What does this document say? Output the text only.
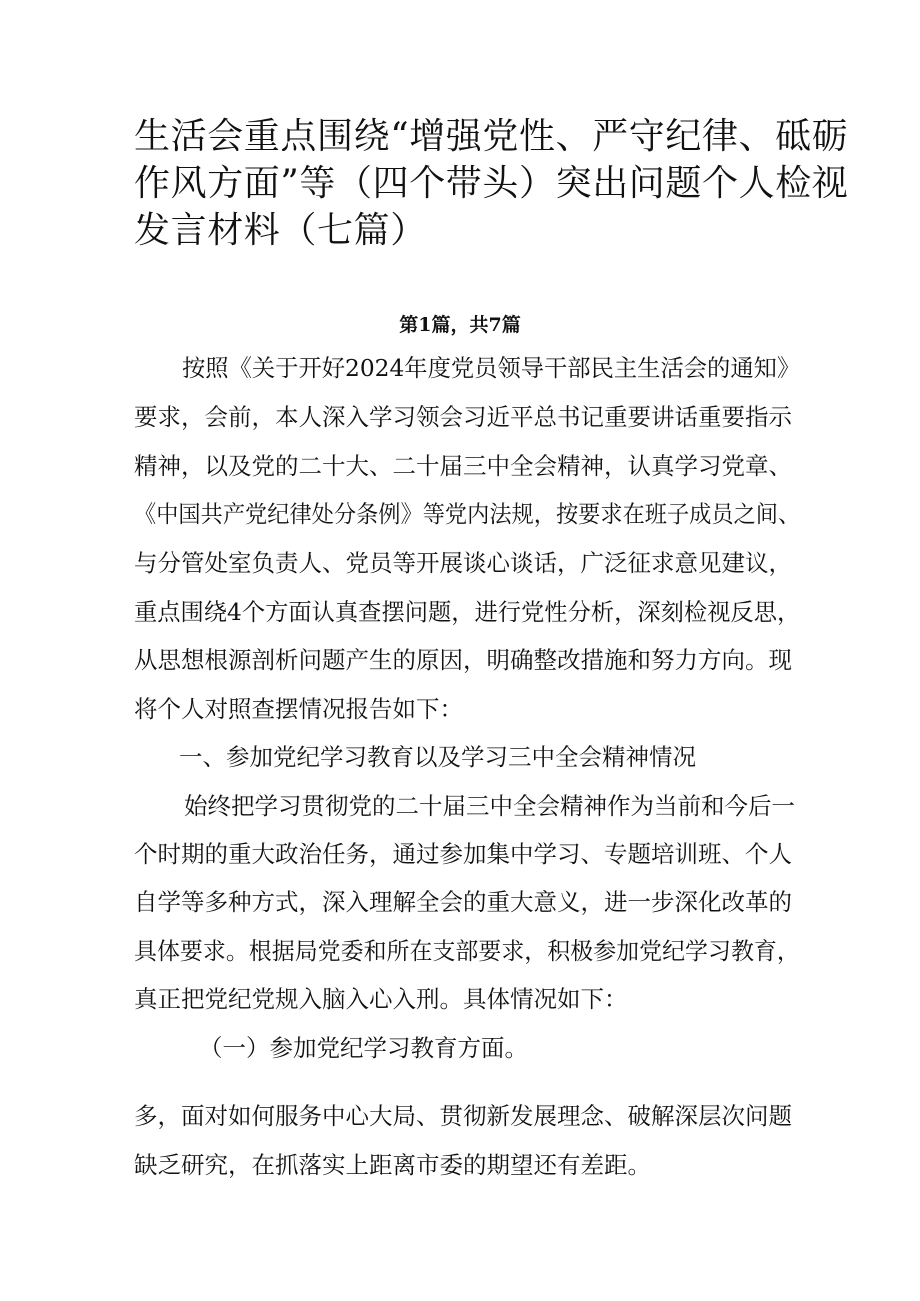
生活会重点围绕“增强党性、严守纪律、砥砺
作风方面”等（四个带头）突出问题个人检视
发言材料（七篇）

第1篇，共7篇

按照《关于开好2024年度党员领导干部民主生活会的通知》

要求，会前，本人深入学习领会习近平总书记重要讲话重要指示

精神，以及党的二十大、二十届三中全会精神，认真学习党章、

《中国共产党纪律处分条例》等党内法规，按要求在班子成员之间、

与分管处室负责人、党员等开展谈心谈话，广泛征求意见建议，

重点围绕4个方面认真查摆问题，进行党性分析，深刻检视反思，

从思想根源剖析问题产生的原因，明确整改措施和努力方向。现

将个人对照查摆情况报告如下：

一、参加党纪学习教育以及学习三中全会精神情况

始终把学习贯彻党的二十届三中全会精神作为当前和今后一

个时期的重大政治任务，通过参加集中学习、专题培训班、个人

自学等多种方式，深入理解全会的重大意义，进一步深化改革的

具体要求。根据局党委和所在支部要求，积极参加党纪学习教育，

真正把党纪党规入脑入心入刑。具体情况如下：

（一）参加党纪学习教育方面。

多，面对如何服务中心大局、贯彻新发展理念、破解深层次问题

缺乏研究，在抓落实上距离市委的期望还有差距。
